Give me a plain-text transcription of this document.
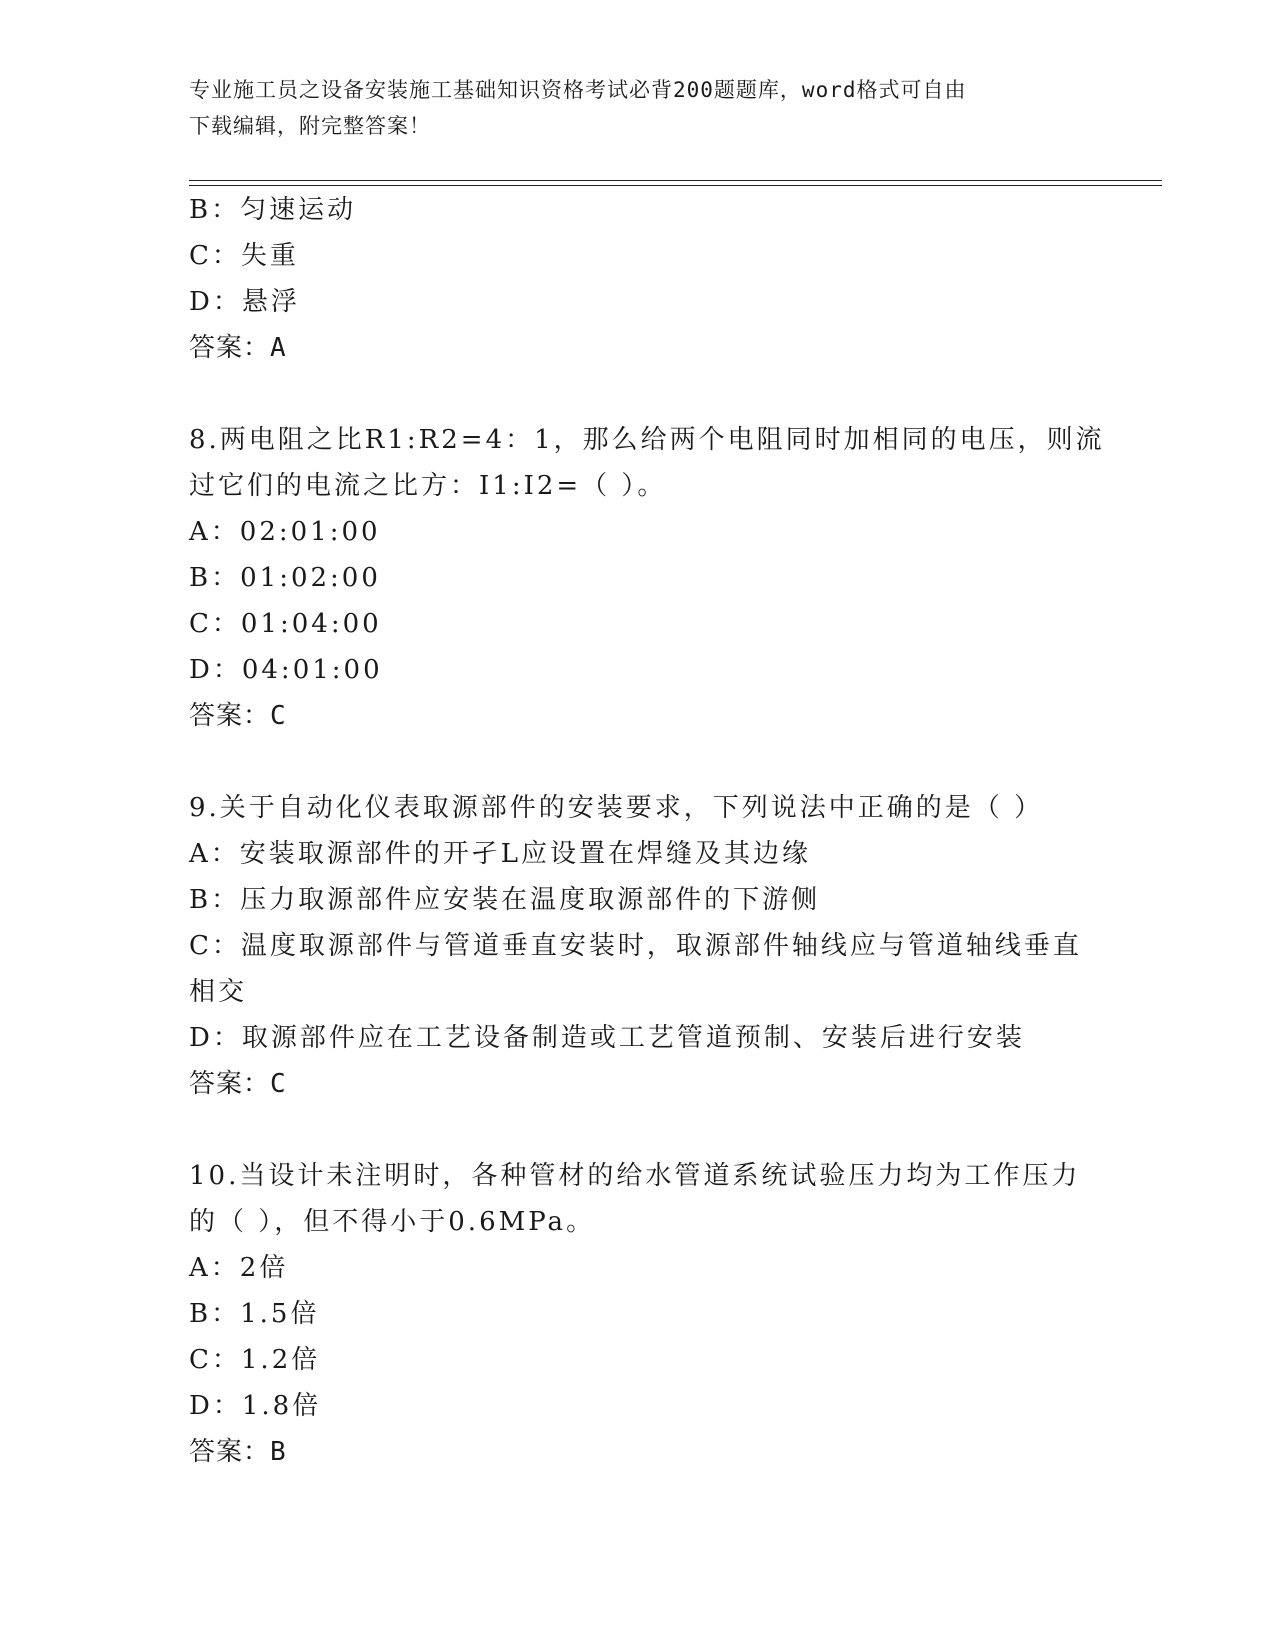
专业施工员之设备安装施工基础知识资格考试必背200题题库，word格式可自由
下载编辑，附完整答案！
B：匀速运动
C：失重
D：悬浮
答案：A
8.两电阻之比R1:R2=4：1，那么给两个电阻同时加相同的电压，则流
过它们的电流之比方：I1:I2=（ ）。
A：02:01:00
B：01:02:00
C：01:04:00
D：04:01:00
答案：C
9.关于自动化仪表取源部件的安装要求，下列说法中正确的是（ ）
A：安装取源部件的开孑L应设置在焊缝及其边缘
B：压力取源部件应安装在温度取源部件的下游侧
C：温度取源部件与管道垂直安装时，取源部件轴线应与管道轴线垂直
相交
D：取源部件应在工艺设备制造或工艺管道预制、安装后进行安装
答案：C
10.当设计未注明时，各种管材的给水管道系统试验压力均为工作压力
的（ ），但不得小于0.6MPa。
A：2倍
B：1.5倍
C：1.2倍
D：1.8倍
答案：B
